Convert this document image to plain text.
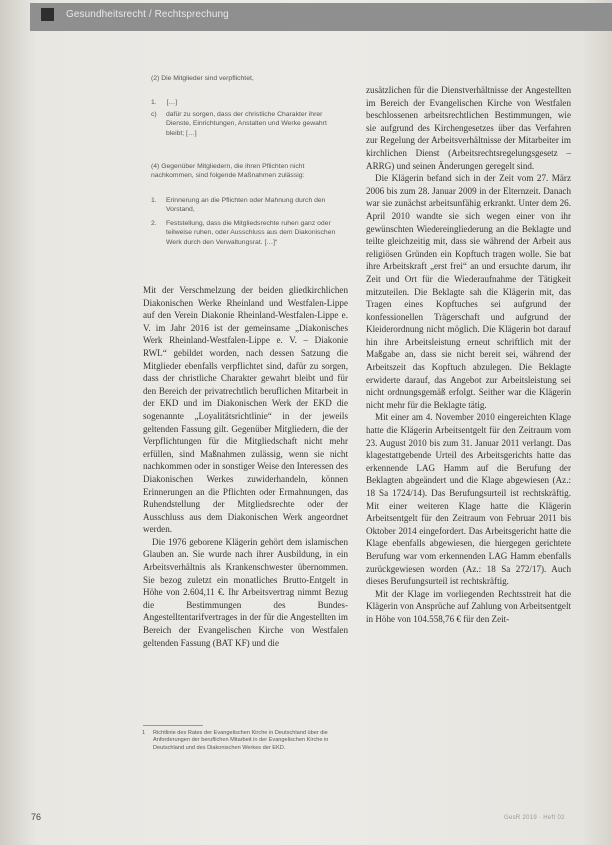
Gesundheitsrecht / Rechtsprechung
(2) Die Mitglieder sind verpflichtet,
1. […]
c) dafür zu sorgen, dass der christliche Charakter ihrer Dienste, Einrichtungen, Anstalten und Werke gewahrt bleibt; […]
(4) Gegenüber Mitgliedern, die ihren Pflichten nicht nachkommen, sind folgende Maßnahmen zulässig:
1. Erinnerung an die Pflichten oder Mahnung durch den Vorstand,
2. Feststellung, dass die Mitgliedsrechte ruhen ganz oder teilweise ruhen, oder Ausschluss aus dem Diakonischen Werk durch den Verwaltungsrat. […]“

Mit der Verschmelzung der beiden gliedkirchlichen Diakonischen Werke Rheinland und Westfalen-Lippe auf den Verein Diakonie Rheinland-Westfalen-Lippe e. V. im Jahr 2016 ist der gemeinsame „Diakonisches Werk Rheinland-Westfalen-Lippe e. V. – Diakonie RWL“ gebildet worden, nach dessen Satzung die Mitglieder ebenfalls verpflichtet sind, dafür zu sorgen, dass der christliche Charakter gewahrt bleibt und für den Bereich der privatrechtlich beruflichen Mitarbeit in der EKD und im Diakonischen Werk der EKD die sogenannte „Loyalitätsrichtlinie“ in der jeweils geltenden Fassung gilt. Gegenüber Mitgliedern, die der Verpflichtungen für die Mitgliedschaft nicht mehr erfüllen, sind Maßnahmen zulässig, wenn sie nicht nachkommen oder in sonstiger Weise den Interessen des Diakonischen Werkes zuwiderhandeln, können Erinnerungen an die Pflichten oder Ermahnungen, das Ruhendstellung der Mitgliedsrechte oder der Ausschluss aus dem Diakonischen Werk angeordnet werden.

Die 1976 geborene Klägerin gehört dem islamischen Glauben an. Sie wurde nach ihrer Ausbildung, in ein Arbeitsverhältnis als Krankenschwester übernommen. Sie bezog zuletzt ein monatliches Brutto-Entgelt in Höhe von 2.604,11 €. Ihr Arbeitsvertrag nimmt Bezug die Bestimmungen des Bundes-Angestelltentarifvertrages in der für die Angestellten im Bereich der Evangelischen Kirche von Westfalen geltenden Fassung (BAT KF) und die

zusätzlichen für die Dienstverhältnisse der Angestellten im Bereich der Evangelischen Kirche von Westfalen beschlossenen arbeitsrechtlichen Bestimmungen, wie sie aufgrund des Kirchengesetzes über das Verfahren zur Regelung der Arbeitsverhältnisse der Mitarbeiter im kirchlichen Dienst (Arbeitsrechtsregelungsgesetz – ARRG) und seinen Änderungen geregelt sind.

Die Klägerin befand sich in der Zeit vom 27. März 2006 bis zum 28. Januar 2009 in der Elternzeit. Danach war sie zunächst arbeitsunfähig erkrankt. Unter dem 26. April 2010 wandte sie sich wegen einer von ihr gewünschten Wiedereingliederung an die Beklagte und teilte gleichzeitig mit, dass sie während der Arbeit aus religiösen Gründen ein Kopftuch tragen wolle. Sie bat ihre Arbeitskraft „erst frei“ an und ersuchte darum, ihr Zeit und Ort für die Wiederaufnahme der Tätigkeit mitzuteilen. Die Beklagte sah die Klägerin mit, das Tragen eines Kopftuches sei aufgrund der konfessionellen Trägerschaft und aufgrund der Kleiderordnung nicht möglich. Die Klägerin bot darauf hin ihre Arbeitsleistung erneut schriftlich mit der Maßgabe an, dass sie nicht bereit sei, während der Arbeitszeit das Kopftuch abzulegen. Die Beklagte erwiderte darauf, das Angebot zur Arbeitsleistung sei nicht ordnungsgemäß erfolgt. Seither war die Klägerin nicht mehr für die Beklagte tätig.

Mit einer am 4. November 2010 eingereichten Klage hatte die Klägerin Arbeitsentgelt für den Zeitraum vom 23. August 2010 bis zum 31. Januar 2011 verlangt. Das klagestattgebende Urteil des Arbeitsgerichts hatte das erkennende LAG Hamm auf die Berufung der Beklagten abgeändert und die Klage abgewiesen (Az.: 18 Sa 1724/14). Das Berufungsurteil ist rechtskräftig. Mit einer weiteren Klage hatte die Klägerin Arbeitsentgelt für den Zeitraum von Februar 2011 bis Oktober 2014 eingefordert. Das Arbeitsgericht hatte die Klage ebenfalls abgewiesen, die hiergegen gerichtete Berufung war vom erkennenden LAG Hamm ebenfalls zurückgewiesen worden (Az.: 18 Sa 272/17). Auch dieses Berufungsurteil ist rechtskräftig.

Mit der Klage im vorliegenden Rechtsstreit hat die Klägerin von Ansprüche auf Zahlung von Arbeitsentgelt in Höhe von 104.558,76 € für den Zeit-

1 Richtlinie des Rates der Evangelischen Kirche in Deutschland über die Anforderungen der beruflichen Mitarbeit in der Evangelischen Kirche in Deutschland und des Diakonischen Werkes der EKD.
76	GesR 2019 · Heft 02
